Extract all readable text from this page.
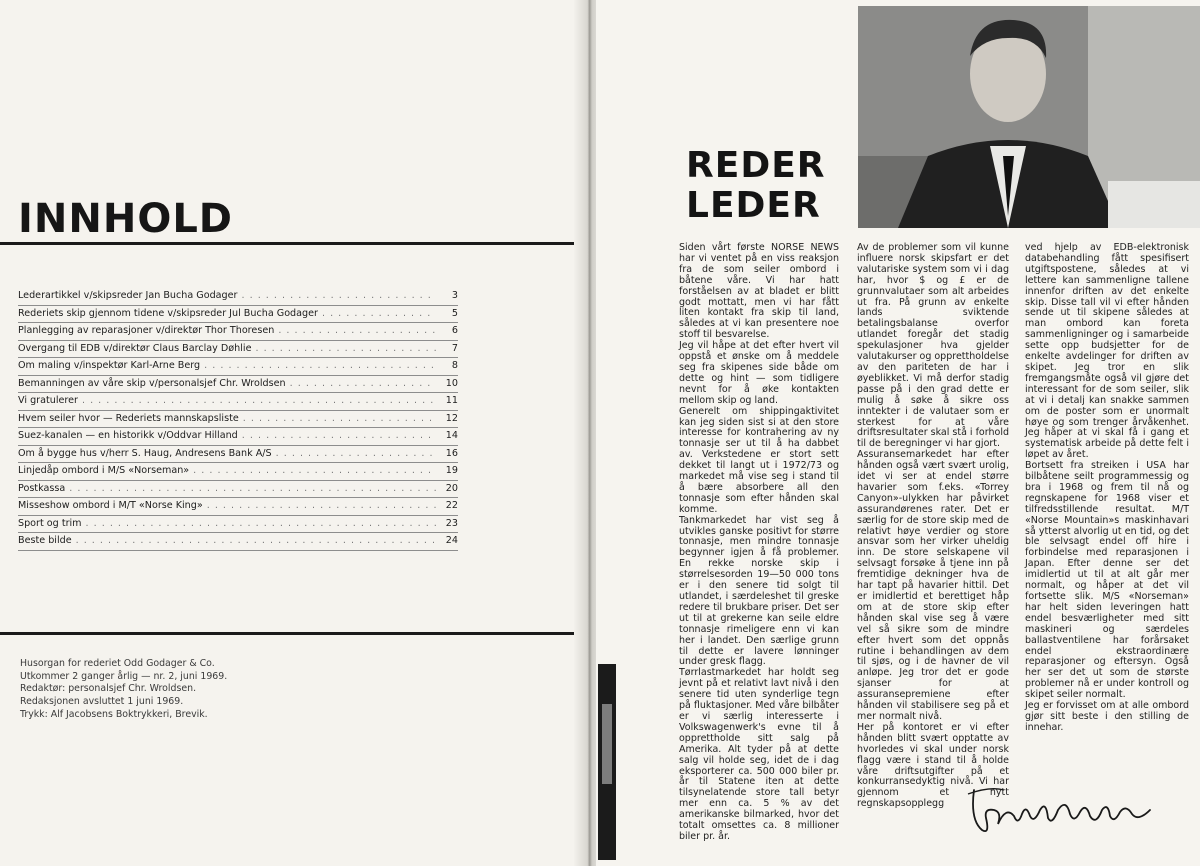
INNHOLD
Lederartikkel v/skipsreder Jan Bucha Godager . . .	3
Rederiets skip gjennom tidene v/skipsreder Jul Bucha Godager . . .	5
Planlegging av reparasjoner v/direktør Thor Thoresen . . .	6
Overgang til EDB v/direktør Claus Barclay Døhlie . . .	7
Om maling v/inspektør Karl-Arne Berg . . .	8
Bemanningen av våre skip v/personalsjef Chr. Wroldsen . . .	10
Vi gratulerer . . .	11
Hvem seiler hvor — Rederiets mannskapsliste . . .	12
Suez-kanalen — en historikk v/Oddvar Hilland . . .	14
Om å bygge hus v/herr S. Haug, Andresens Bank A/S . . .	16
Linjedåp ombord i M/S «Norseman» . . .	19
Postkassa . . .	20
Misseshow ombord i M/T «Norse King» . . .	22
Sport og trim . . .	23
Beste bilde . . .	24
Husorgan for rederiet Odd Godager & Co.
Utkommer 2 ganger årlig — nr. 2, juni 1969.
Redaktør: personalsjef Chr. Wroldsen.
Redaksjonen avsluttet 1 juni 1969.
Trykk: Alf Jacobsens Boktrykkeri, Brevik.
REDER
LEDER

Siden vårt første NORSE NEWS har vi ventet på en viss reaksjon fra de som seiler ombord i båtene våre. Vi har hatt forståelsen av at bladet er blitt godt mottatt, men vi har fått liten kontakt fra skip til land, således at vi kan presentere noe stoff til besvarelse.

Jeg vil håpe at det efter hvert vil oppstå et ønske om å meddele seg fra skipenes side både om dette og hint — som tidligere nevnt for å øke kontakten mellom skip og land.

Generelt om shippingaktivitet kan jeg siden sist si at den store interesse for kontrahering av ny tonnasje ser ut til å ha dabbet av. Verkstedene er stort sett dekket til langt ut i 1972/73 og markedet må vise seg i stand til å bære absorbere all den tonnasje som efter hånden skal komme.

Tankmarkedet har vist seg å utvikles ganske positivt for større tonnasje, men mindre tonnasje begynner igjen å få problemer. En rekke norske skip i størrelsesorden 19—50 000 tons er i den senere tid solgt til utlandet, i særdeleshet til greske redere til brukbare priser. Det ser ut til at grekerne kan seile eldre tonnasje rimeligere enn vi kan her i landet. Den særlige grunn til dette er lavere lønninger under gresk flagg.

Tørrlastmarkedet har holdt seg jevnt på et relativt lavt nivå i den senere tid uten synderlige tegn på fluktasjoner. Med våre bilbåter er vi særlig interesserte i Volkswagenwerk's evne til å opprettholde sitt salg på Amerika. Alt tyder på at dette salg vil holde seg, idet de i dag eksporterer ca. 500 000 biler pr. år til Statene iten at dette tilsynelatende store tall betyr mer enn ca. 5 % av det amerikanske bilmarked, hvor det totalt omsettes ca. 8 millioner biler pr. år.

Av de problemer som vil kunne influere norsk skipsfart er det valutariske system som vi i dag har, hvor $ og £ er de grunnvalutaer som alt arbeides ut fra. På grunn av enkelte lands sviktende betalingsbalanse overfor utlandet foregår det stadig spekulasjoner hva gjelder valutakurser og opprettholdelse av den pariteten de har i øyeblikket. Vi må derfor stadig passe på i den grad dette er mulig å søke å sikre oss inntekter i de valutaer som er sterkest for at våre driftsresultater skal stå i forhold til de beregninger vi har gjort.

Assuransemarkedet har efter hånden også vært svært urolig, idet vi ser at endel større havarier som f.eks. «Torrey Canyon»-ulykken har påvirket assurandørenes rater. Det er særlig for de store skip med de relativt høye verdier og store ansvar som her virker uheldig inn. De store selskapene vil selvsagt forsøke å tjene inn på fremtidige dekninger hva de har tapt på havarier hittil. Det er imidlertid et berettiget håp om at de store skip efter hånden skal vise seg å være vel så sikre som de mindre efter hvert som det oppnås rutine i behandlingen av dem til sjøs, og i de havner de vil anløpe. Jeg tror det er gode sjanser for at assuransepremiene efter hånden vil stabilisere seg på et mer normalt nivå.

Her på kontoret er vi efter hånden blitt svært opptatte av hvorledes vi skal under norsk flagg være i stand til å holde våre driftsutgifter på et konkurransedyktig nivå. Vi har gjennom et nytt regnskapsopplegg

ved hjelp av EDB-elektronisk databehandling fått spesifisert utgiftspostene, således at vi lettere kan sammenligne tallene innenfor driften av det enkelte skip. Disse tall vil vi efter hånden sende ut til skipene således at man ombord kan foreta sammenligninger og i samarbeide sette opp budsjetter for de enkelte avdelinger for driften av skipet. Jeg tror en slik fremgangsmåte også vil gjøre det interessant for de som seiler, slik at vi i detalj kan snakke sammen om de poster som er unormalt høye og som trenger årvåkenhet. Jeg håper at vi skal få i gang et systematisk arbeide på dette felt i løpet av året.

Bortsett fra streiken i USA har bilbåtene seilt programmessig og bra i 1968 og frem til nå og regnskapene for 1968 viser et tilfredsstillende resultat. M/T «Norse Mountain»s maskinhavari så ytterst alvorlig ut en tid, og det ble selvsagt endel off hire i forbindelse med reparasjonen i Japan. Efter denne ser det imidlertid ut til at alt går mer normalt, og håper at det vil fortsette slik. M/S «Norseman» har helt siden leveringen hatt endel besværligheter med sitt maskineri og særdeles ballastventilene har forårsaket endel ekstraordinære reparasjoner og eftersyn. Også her ser det ut som de største problemer nå er under kontroll og skipet seiler normalt.

Jeg er forvisset om at alle ombord gjør sitt beste i den stilling de innehar.
